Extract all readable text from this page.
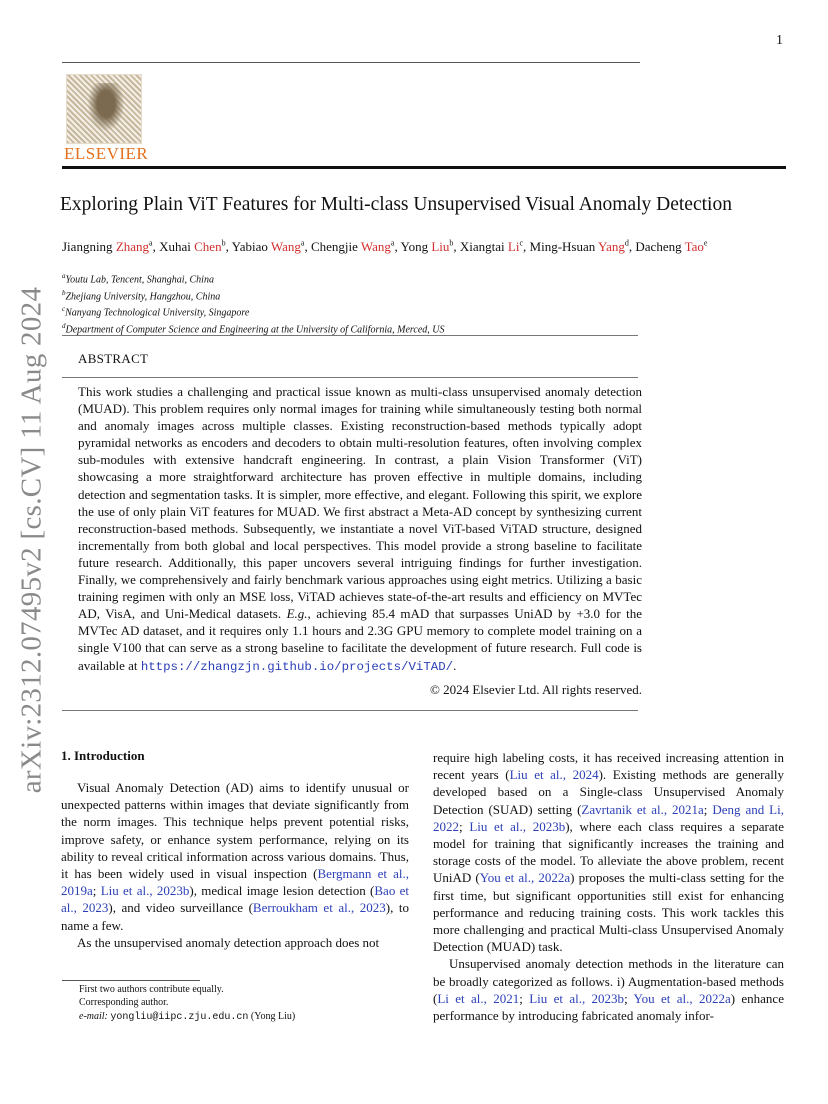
1
ELSEVIER
arXiv:2312.07495v2 [cs.CV] 11 Aug 2024
Exploring Plain ViT Features for Multi-class Unsupervised Visual Anomaly Detection
Jiangning Zhang$^a$, Xuhai Chen$^b$, Yabiao Wang$^a$, Chengjie Wang$^a$, Yong Liu$^b$, Xiangtai Li$^c$, Ming-Hsuan Yang$^d$, Dacheng Tao$^e$
$^a$Youtu Lab, Tencent, Shanghai, China
$^b$Zhejiang University, Hangzhou, China
$^c$Nanyang Technological University, Singapore
$^d$Department of Computer Science and Engineering at the University of California, Merced, US
ABSTRACT
This work studies a challenging and practical issue known as multi-class unsupervised anomaly detection (MUAD). This problem requires only normal images for training while simultaneously testing both normal and anomaly images across multiple classes. Existing reconstruction-based methods typically adopt pyramidal networks as encoders and decoders to obtain multi-resolution features, often involving complex sub-modules with extensive handcraft engineering. In contrast, a plain Vision Transformer (ViT) showcasing a more straightforward architecture has proven effective in multiple domains, including detection and segmentation tasks. It is simpler, more effective, and elegant. Following this spirit, we explore the use of only plain ViT features for MUAD. We first abstract a Meta-AD concept by synthesizing current reconstruction-based methods. Subsequently, we instantiate a novel ViT-based ViTAD structure, designed incrementally from both global and local perspectives. This model provide a strong baseline to facilitate future research. Additionally, this paper uncovers several intriguing findings for further investigation. Finally, we comprehensively and fairly benchmark various approaches using eight metrics. Utilizing a basic training regimen with only an MSE loss, ViTAD achieves state-of-the-art results and efficiency on MVTec AD, VisA, and Uni-Medical datasets. E.g., achieving 85.4 mAD that surpasses UniAD by +3.0 for the MVTec AD dataset, and it requires only 1.1 hours and 2.3G GPU memory to complete model training on a single V100 that can serve as a strong baseline to facilitate the development of future research. Full code is available at https://zhangzjn.github.io/projects/ViTAD/.
© 2024 Elsevier Ltd. All rights reserved.
1. Introduction

Visual Anomaly Detection (AD) aims to identify unusual or unexpected patterns within images that deviate significantly from the norm images. This technique helps prevent potential risks, improve safety, or enhance system performance, relying on its ability to reveal critical information across various domains. Thus, it has been widely used in visual inspection (Bergmann et al., 2019a; Liu et al., 2023b), medical image lesion detection (Bao et al., 2023), and video surveillance (Berroukham et al., 2023), to name a few.

As the unsupervised anomaly detection approach does not

require high labeling costs, it has received increasing attention in recent years (Liu et al., 2024). Existing methods are generally developed based on a Single-class Unsupervised Anomaly Detection (SUAD) setting (Zavrtanik et al., 2021a; Deng and Li, 2022; Liu et al., 2023b), where each class requires a separate model for training that significantly increases the training and storage costs of the model. To alleviate the above problem, recent UniAD (You et al., 2022a) proposes the multi-class setting for the first time, but significant opportunities still exist for enhancing performance and reducing training costs. This work tackles this more challenging and practical Multi-class Unsupervised Anomaly Detection (MUAD) task.

Unsupervised anomaly detection methods in the literature can be broadly categorized as follows. i) Augmentation-based methods (Li et al., 2021; Liu et al., 2023b; You et al., 2022a) enhance performance by introducing fabricated anomaly infor-

First two authors contribute equally.
Corresponding author.
e-mail: yongliu@iipc.zju.edu.cn (Yong Liu)
